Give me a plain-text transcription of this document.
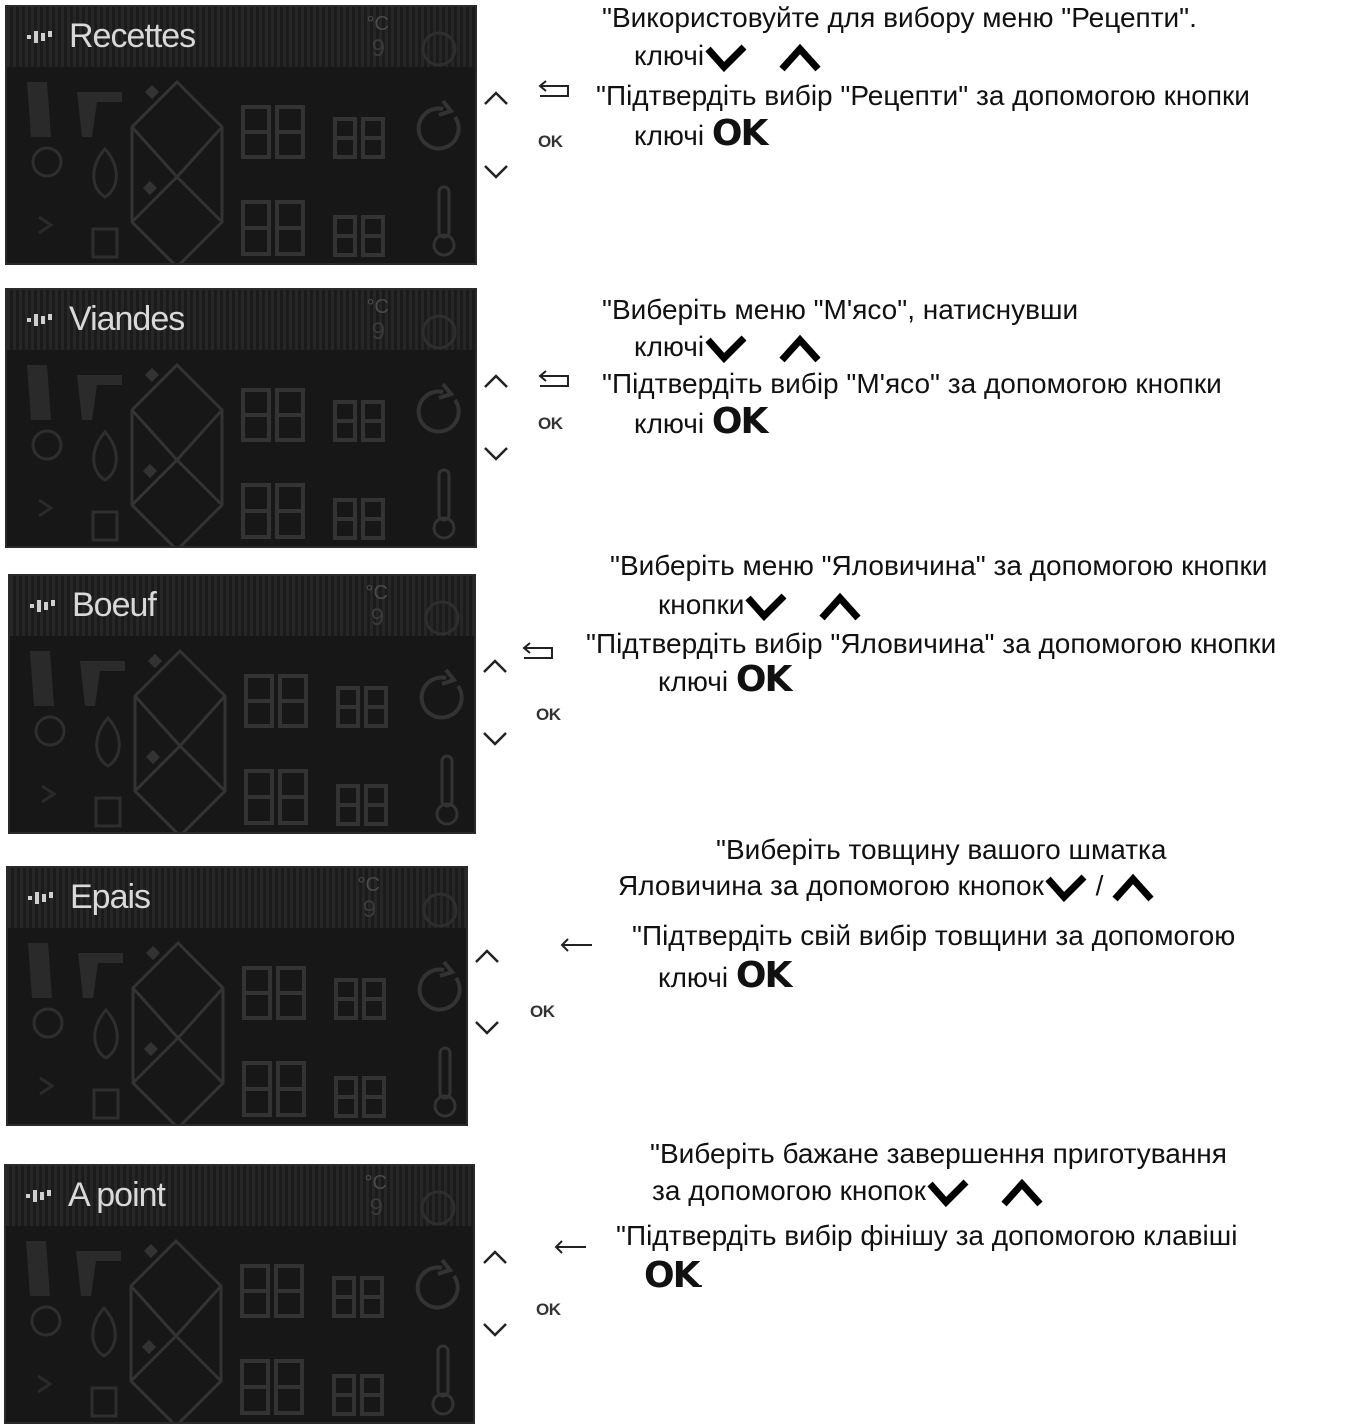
Recettes	°C
9
OK
"Використовуйте для вибору меню "Рецепти".
ключі
"Підтвердіть вибір "Рецепти" за допомогою кнопки
ключі OK
Viandes	°C
9
OK
"Виберіть меню "М'ясо", натиснувши
ключі
"Підтвердіть вибір "М'ясо" за допомогою кнопки
ключі OK
Boeuf	°C
9
OK
"Виберіть меню "Яловичина" за допомогою кнопки
кнопки
"Підтвердіть вибір "Яловичина" за допомогою кнопки
ключі OK
Epais	°C
9
OK
"Виберіть товщину вашого шматка
Яловичина за допомогою кнопок /
"Підтвердіть свій вибір товщини за допомогою
ключі OK
A point	°C
9
OK
"Виберіть бажане завершення приготування
за допомогою кнопок
"Підтвердіть вибір фінішу за допомогою клавіші
OK.
